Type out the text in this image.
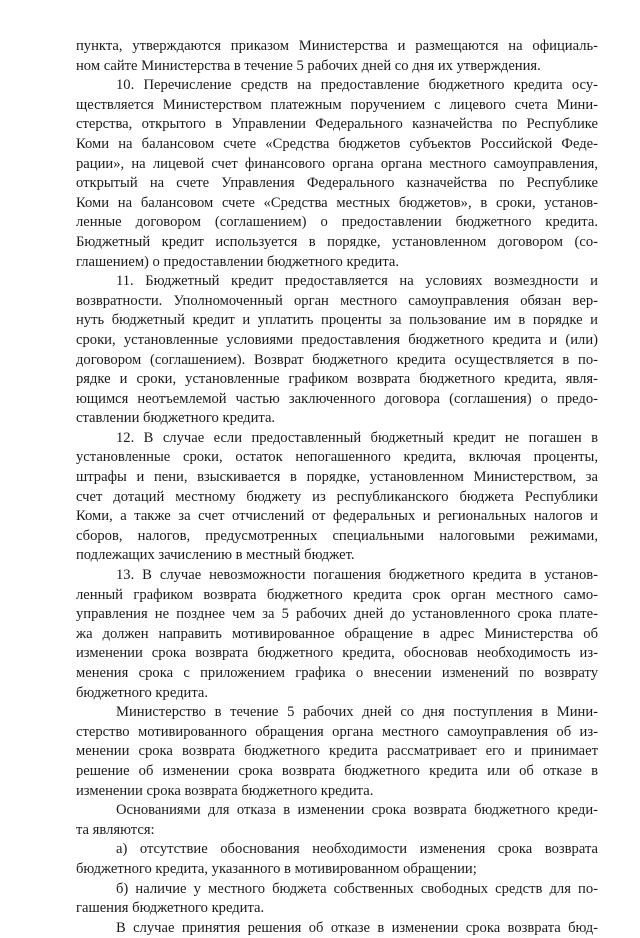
пункта, утверждаются приказом Министерства и размещаются на официаль-
ном сайте Министерства в течение 5 рабочих дней со дня их утверждения.
10. Перечисление средств на предоставление бюджетного кредита осу-
ществляется Министерством платежным поручением с лицевого счета Мини-
стерства, открытого в Управлении Федерального казначейства по Республике
Коми на балансовом счете «Средства бюджетов субъектов Российской Феде-
рации», на лицевой счет финансового органа органа местного самоуправления,
открытый на счете Управления Федерального казначейства по Республике
Коми на балансовом счете «Средства местных бюджетов», в сроки, установ-
ленные договором (соглашением) о предоставлении бюджетного кредита.
Бюджетный кредит используется в порядке, установленном договором (со-
глашением) о предоставлении бюджетного кредита.
11. Бюджетный кредит предоставляется на условиях возмездности и
возвратности. Уполномоченный орган местного самоуправления обязан вер-
нуть бюджетный кредит и уплатить проценты за пользование им в порядке и
сроки, установленные условиями предоставления бюджетного кредита и (или)
договором (соглашением). Возврат бюджетного кредита осуществляется в по-
рядке и сроки, установленные графиком возврата бюджетного кредита, явля-
ющимся неотъемлемой частью заключенного договора (соглашения) о предо-
ставлении бюджетного кредита.
12. В случае если предоставленный бюджетный кредит не погашен в
установленные сроки, остаток непогашенного кредита, включая проценты,
штрафы и пени, взыскивается в порядке, установленном Министерством, за
счет дотаций местному бюджету из республиканского бюджета Республики
Коми, а также за счет отчислений от федеральных и региональных налогов и
сборов, налогов, предусмотренных специальными налоговыми режимами,
подлежащих зачислению в местный бюджет.
13. В случае невозможности погашения бюджетного кредита в установ-
ленный графиком возврата бюджетного кредита срок орган местного само-
управления не позднее чем за 5 рабочих дней до установленного срока плате-
жа должен направить мотивированное обращение в адрес Министерства об
изменении срока возврата бюджетного кредита, обосновав необходимость из-
менения срока с приложением графика о внесении изменений по возврату
бюджетного кредита.
Министерство в течение 5 рабочих дней со дня поступления в Мини-
стерство мотивированного обращения органа местного самоуправления об из-
менении срока возврата бюджетного кредита рассматривает его и принимает
решение об изменении срока возврата бюджетного кредита или об отказе в
изменении срока возврата бюджетного кредита.
Основаниями для отказа в изменении срока возврата бюджетного креди-
та являются:
а) отсутствие обоснования необходимости изменения срока возврата
бюджетного кредита, указанного в мотивированном обращении;
б) наличие у местного бюджета собственных свободных средств для по-
гашения бюджетного кредита.
В случае принятия решения об отказе в изменении срока возврата бюд-
